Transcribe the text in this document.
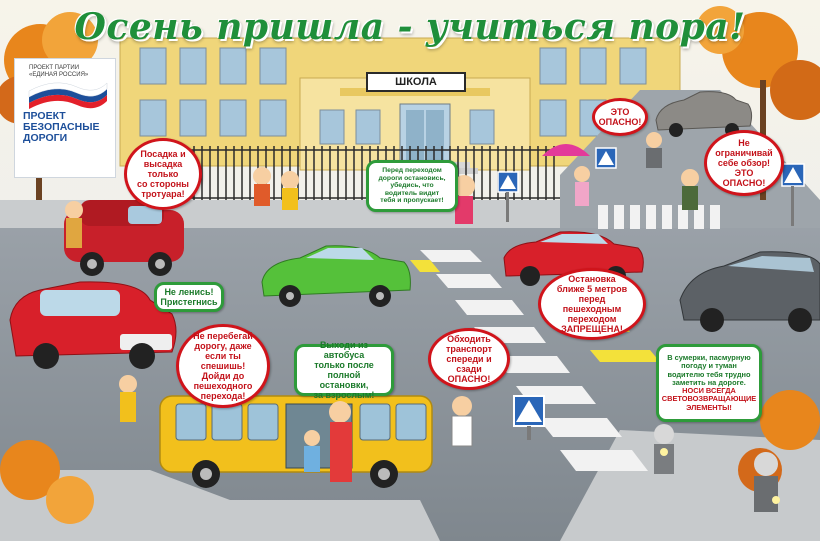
Осень пришла - учиться пора!
ШКОЛА
ПРОЕКТ ПАРТИИ
«ЕДИНАЯ РОССИЯ»
ПРОЕКТ
БЕЗОПАСНЫЕ
ДОРОГИ
Посадка и
высадка только
со стороны
тротуара!
Перед переходом
дороги остановись,
убедись, что
водитель видит
тебя и пропускает!
ЭТО
ОПАСНО!
Не
ограничивай
себе обзор!
ЭТО ОПАСНО!
Не ленись!
Пристегнись
Остановка
ближе 5 метров
перед пешеходным
переходом
ЗАПРЕЩЕНА!
Не перебегай
дорогу, даже
если ты спешишь!
Дойди до
пешеходного
перехода!
Выходи из автобуса
только после
полной остановки,
за взрослым!
Обходить
транспорт
спереди и сзади
ОПАСНО!
В сумерки, пасмурную
погоду и туман
водителю тебя трудно
заметить на дороге.
НОСИ ВСЕГДА
СВЕТОВОЗВРАЩАЮЩИЕ
ЭЛЕМЕНТЫ!
